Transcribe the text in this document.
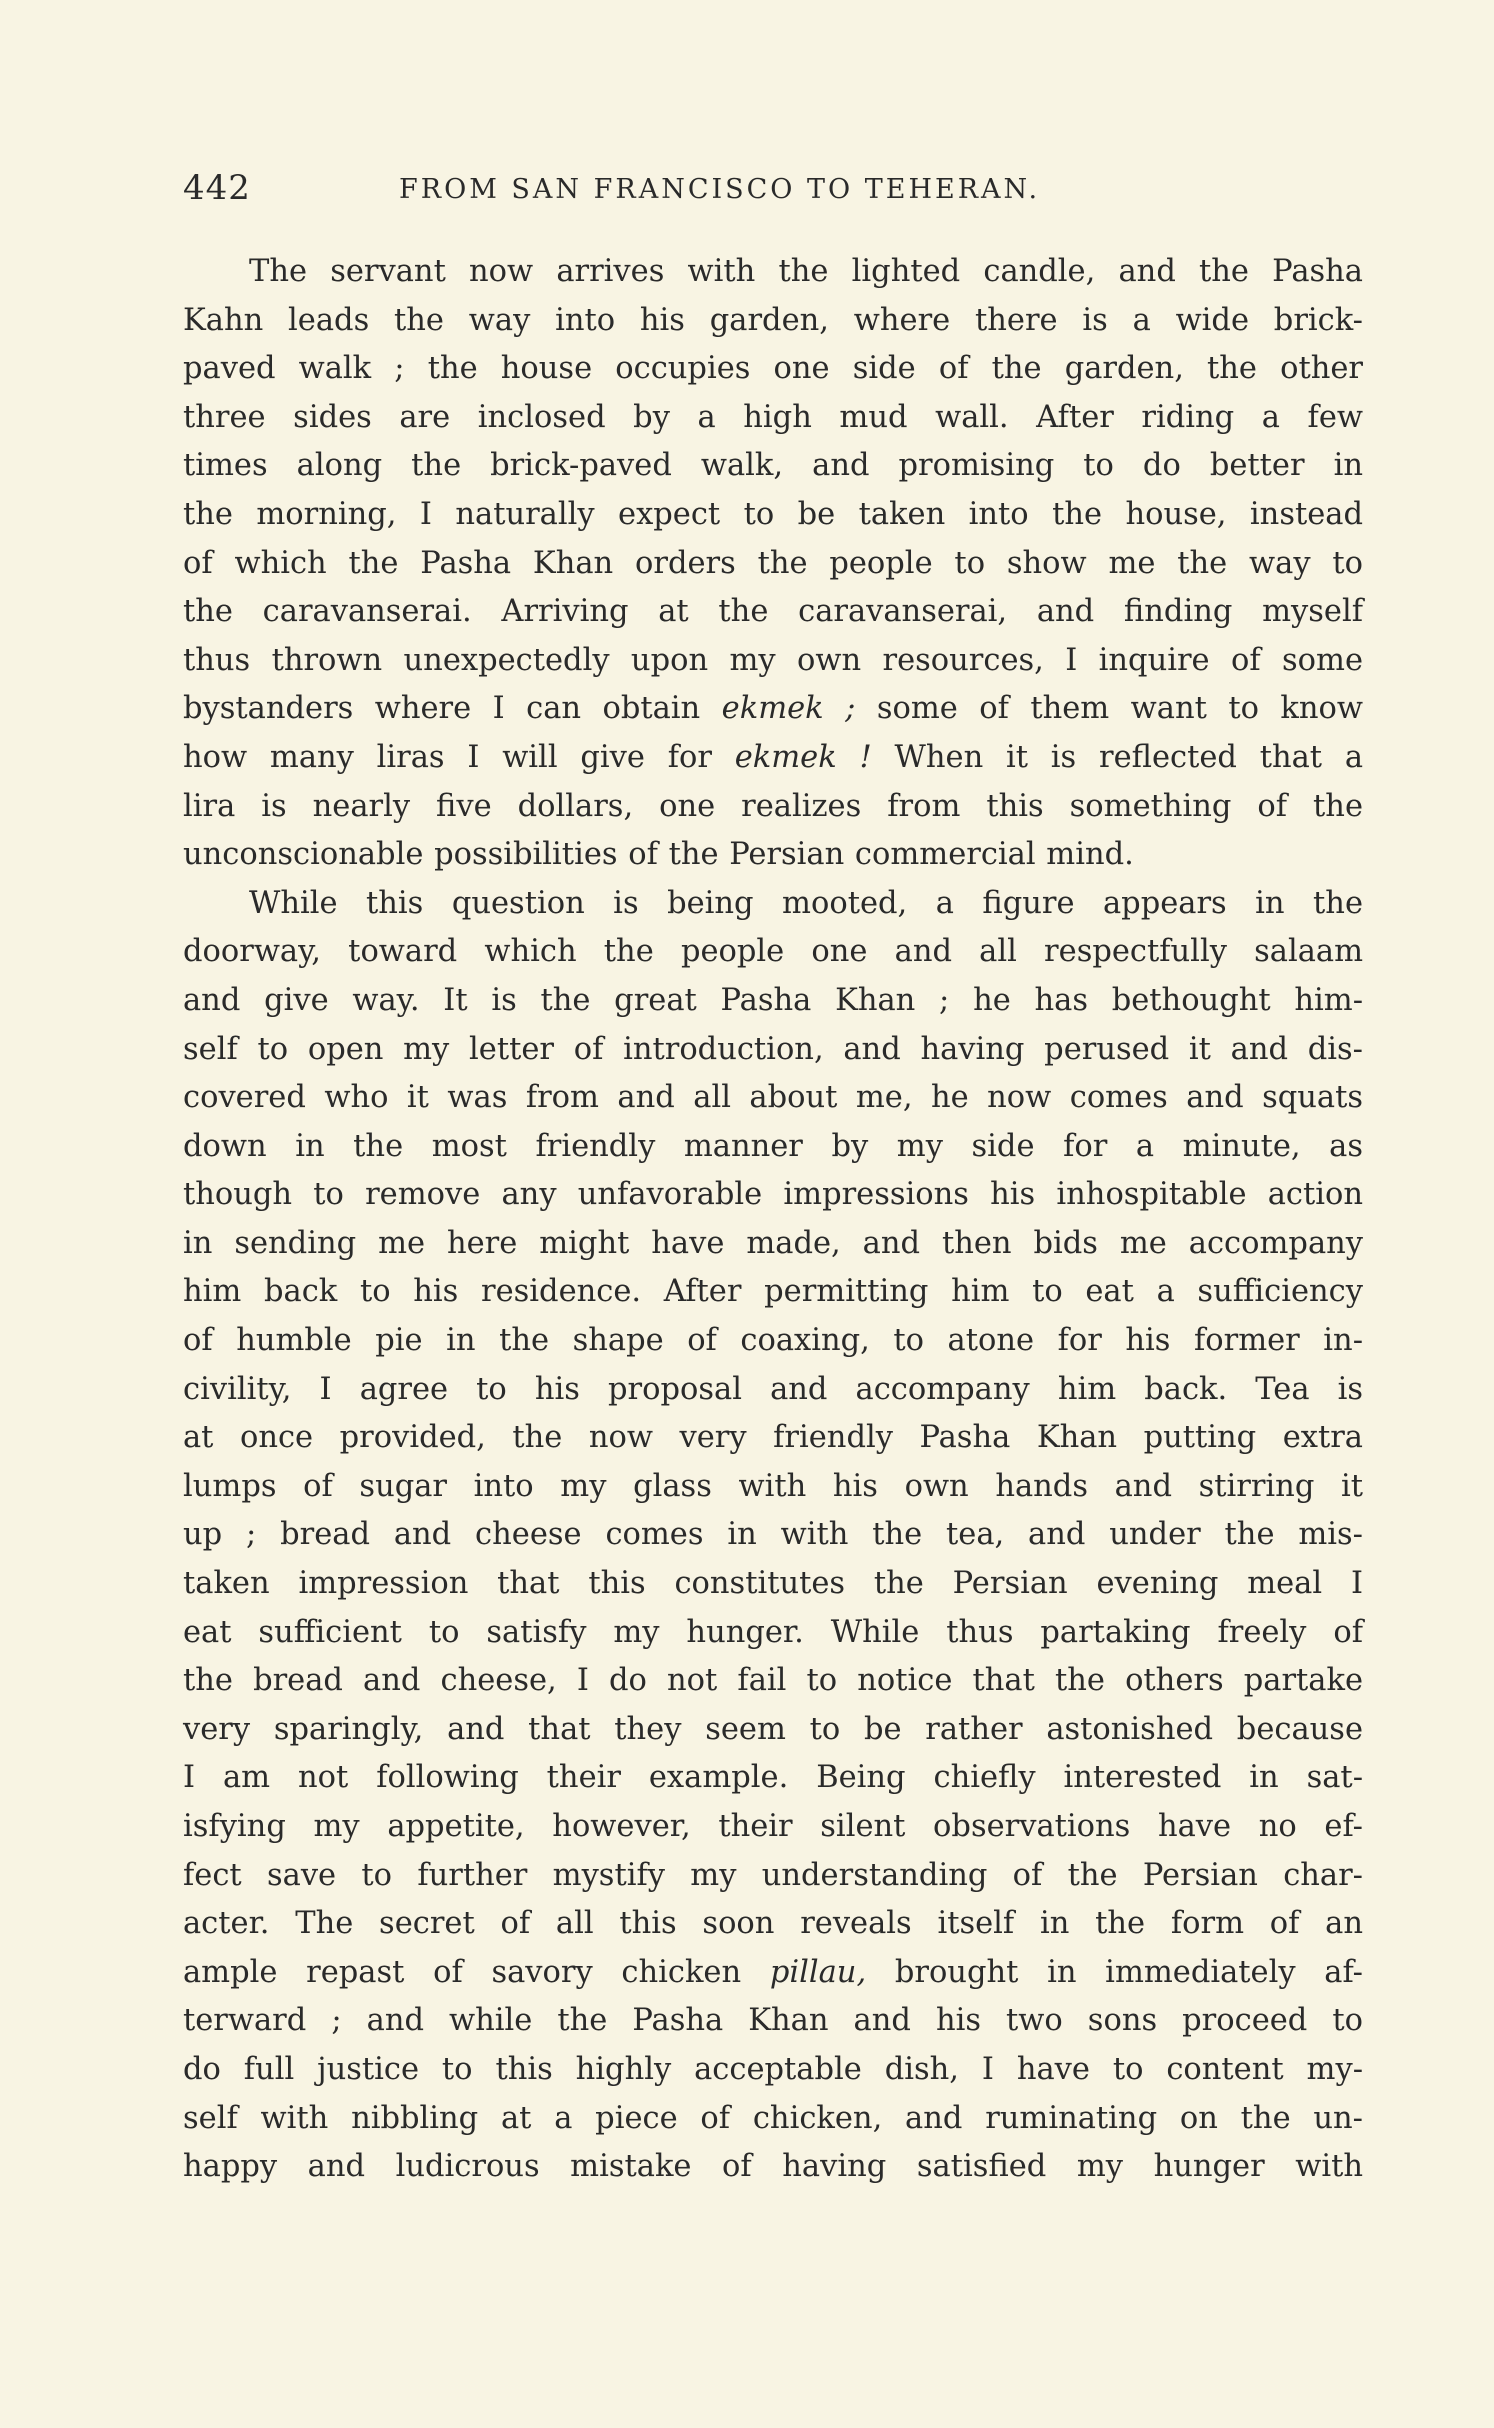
442	FROM SAN FRANCISCO TO TEHERAN.
The servant now arrives with the lighted candle, and the Pasha
Kahn leads the way into his garden, where there is a wide brick-
paved walk ; the house occupies one side of the garden, the other
three sides are inclosed by a high mud wall. After riding a few
times along the brick-paved walk, and promising to do better in
the morning, I naturally expect to be taken into the house, instead
of which the Pasha Khan orders the people to show me the way to
the caravanserai. Arriving at the caravanserai, and finding myself
thus thrown unexpectedly upon my own resources, I inquire of some
bystanders where I can obtain ekmek ; some of them want to know
how many liras I will give for ekmek ! When it is reflected that a
lira is nearly five dollars, one realizes from this something of the
unconscionable possibilities of the Persian commercial mind.
While this question is being mooted, a figure appears in the
doorway, toward which the people one and all respectfully salaam
and give way. It is the great Pasha Khan ; he has bethought him-
self to open my letter of introduction, and having perused it and dis-
covered who it was from and all about me, he now comes and squats
down in the most friendly manner by my side for a minute, as
though to remove any unfavorable impressions his inhospitable action
in sending me here might have made, and then bids me accompany
him back to his residence. After permitting him to eat a sufficiency
of humble pie in the shape of coaxing, to atone for his former in-
civility, I agree to his proposal and accompany him back. Tea is
at once provided, the now very friendly Pasha Khan putting extra
lumps of sugar into my glass with his own hands and stirring it
up ; bread and cheese comes in with the tea, and under the mis-
taken impression that this constitutes the Persian evening meal I
eat sufficient to satisfy my hunger. While thus partaking freely of
the bread and cheese, I do not fail to notice that the others partake
very sparingly, and that they seem to be rather astonished because
I am not following their example. Being chiefly interested in sat-
isfying my appetite, however, their silent observations have no ef-
fect save to further mystify my understanding of the Persian char-
acter. The secret of all this soon reveals itself in the form of an
ample repast of savory chicken pillau, brought in immediately af-
terward ; and while the Pasha Khan and his two sons proceed to
do full justice to this highly acceptable dish, I have to content my-
self with nibbling at a piece of chicken, and ruminating on the un-
happy and ludicrous mistake of having satisfied my hunger with
